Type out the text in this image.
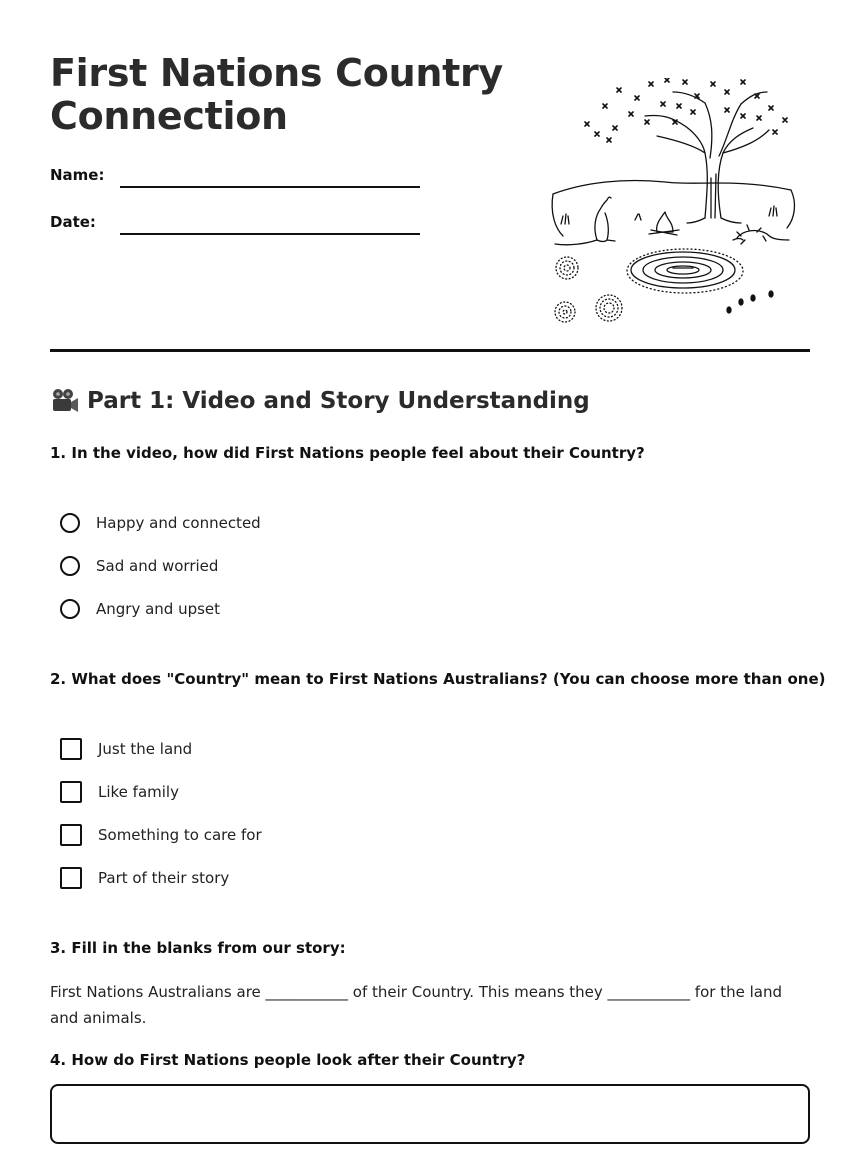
First Nations Country
Connection
Name:
Date:
Part 1: Video and Story Understanding

1. In the video, how did First Nations people feel about their Country?

Happy and connected
Sad and worried
Angry and upset

2. What does "Country" mean to First Nations Australians? (You can choose more than one)

Just the land
Like family
Something to care for
Part of their story

3. Fill in the blanks from our story:

First Nations Australians are ___________ of their Country. This means they ___________ for the land and animals.

4. How do First Nations people look after their Country?
